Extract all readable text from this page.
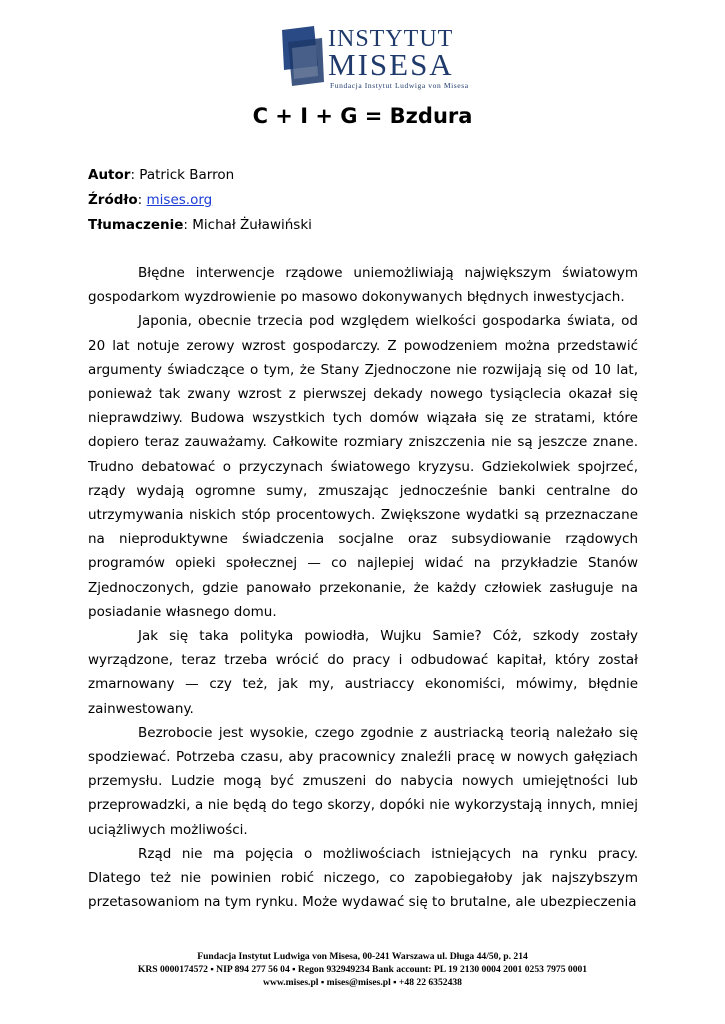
INSTYTUT
MISESA
Fundacja Instytut Ludwiga von Misesa
C + I + G = Bzdura
Autor: Patrick Barron
Źródło: mises.org
Tłumaczenie: Michał Żuławiński

Błędne interwencje rządowe uniemożliwiają największym światowym gospodarkom wyzdrowienie po masowo dokonywanych błędnych inwestycjach.

Japonia, obecnie trzecia pod względem wielkości gospodarka świata, od 20 lat notuje zerowy wzrost gospodarczy. Z powodzeniem można przedstawić argumenty świadczące o tym, że Stany Zjednoczone nie rozwijają się od 10 lat, ponieważ tak zwany wzrost z pierwszej dekady nowego tysiąclecia okazał się nieprawdziwy. Budowa wszystkich tych domów wiązała się ze stratami, które dopiero teraz zauważamy. Całkowite rozmiary zniszczenia nie są jeszcze znane. Trudno debatować o przyczynach światowego kryzysu. Gdziekolwiek spojrzeć, rządy wydają ogromne sumy, zmuszając jednocześnie banki centralne do utrzymywania niskich stóp procentowych. Zwiększone wydatki są przeznaczane na nieproduktywne świadczenia socjalne oraz subsydiowanie rządowych programów opieki społecznej — co najlepiej widać na przykładzie Stanów Zjednoczonych, gdzie panowało przekonanie, że każdy człowiek zasługuje na posiadanie własnego domu.

Jak się taka polityka powiodła, Wujku Samie? Cóż, szkody zostały wyrządzone, teraz trzeba wrócić do pracy i odbudować kapitał, który został zmarnowany — czy też, jak my, austriaccy ekonomiści, mówimy, błędnie zainwestowany.

Bezrobocie jest wysokie, czego zgodnie z austriacką teorią należało się spodziewać. Potrzeba czasu, aby pracownicy znaleźli pracę w nowych gałęziach przemysłu. Ludzie mogą być zmuszeni do nabycia nowych umiejętności lub przeprowadzki, a nie będą do tego skorzy, dopóki nie wykorzystają innych, mniej uciążliwych możliwości.

Rząd nie ma pojęcia o możliwościach istniejących na rynku pracy. Dlatego też nie powinien robić niczego, co zapobiegałoby jak najszybszym przetasowaniom na tym rynku. Może wydawać się to brutalne, ale ubezpieczenia

Fundacja Instytut Ludwiga von Misesa, 00-241 Warszawa ul. Długa 44/50, p. 214
KRS 0000174572 ▪ NIP 894 277 56 04 ▪ Regon 932949234 Bank account: PL 19 2130 0004 2001 0253 7975 0001
www.mises.pl ▪ mises@mises.pl ▪ +48 22 6352438
